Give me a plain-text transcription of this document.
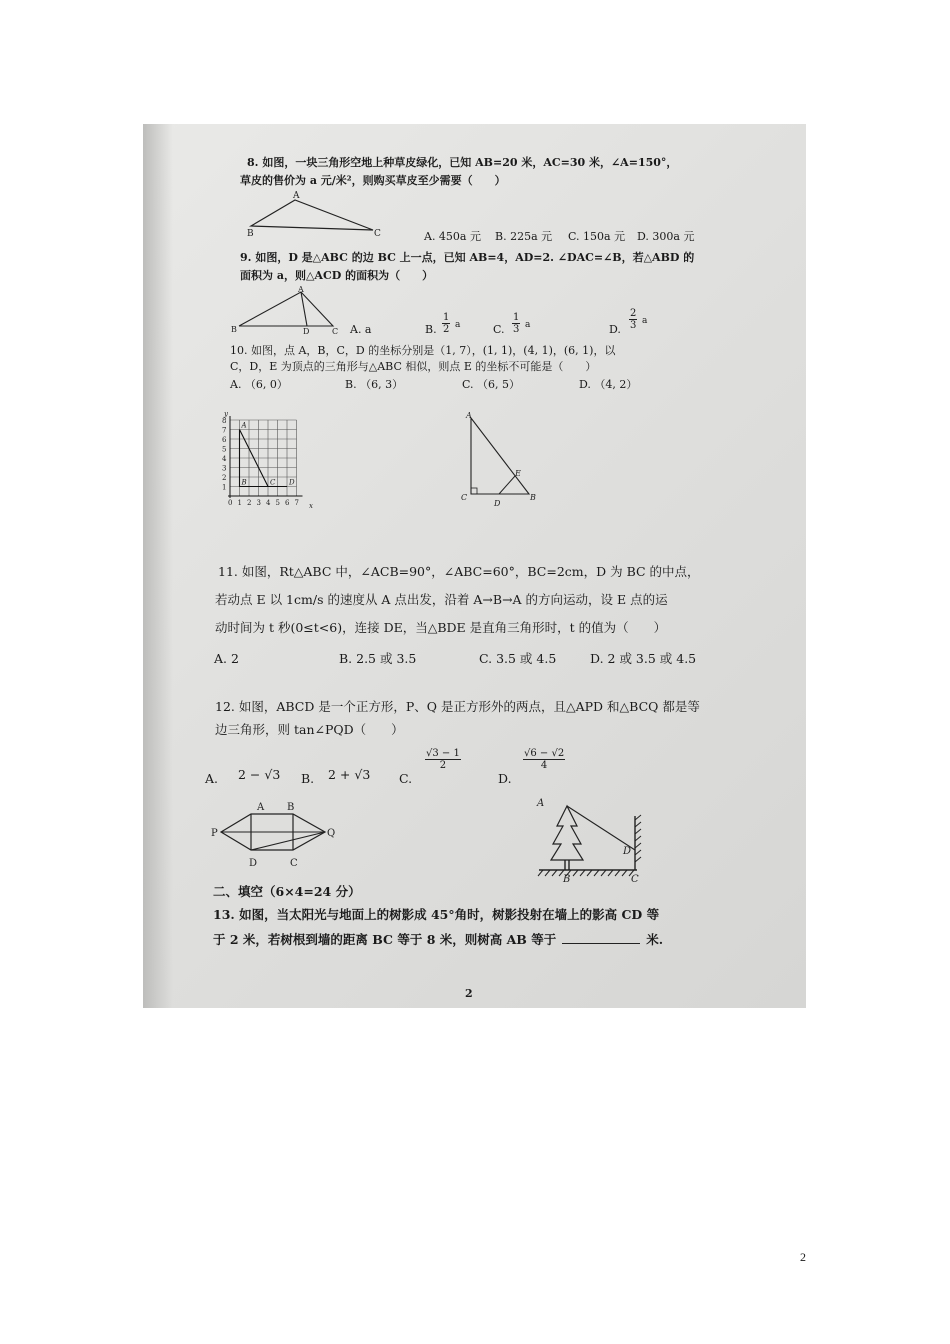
8. 如图，一块三角形空地上种草皮绿化，已知 AB=20 米，AC=30 米，∠A=150°，
草皮的售价为 a 元/米²，则购买草皮至少需要（　　）
A
B	C	A. 450a 元 B. 225a 元 C. 150a 元 D. 300a 元
9. 如图，D 是△ABC 的边 BC 上一点，已知 AB=4，AD=2. ∠DAC=∠B，若△ABD 的
面积为 a，则△ACD 的面积为（　　）
A
B	D	C A. a	B. $\frac{1}{2}$ a	C. $\frac{1}{3}$ a	D. $\frac{2}{3}$ a
10. 如图，点 A，B，C，D 的坐标分别是（1, 7），(1, 1)，(4, 1)，(6, 1)，以
C，D，E 为顶点的三角形与△ABC 相似，则点 E 的坐标不可能是（　　）
A. （6, 0）	B. （6, 3）	C. （6, 5）	D. （4, 2）
y
x
8
7
6
5
4
3
2
1
0 1 2 3 4 5 6 7
A
B	C D
A
E
C
D
B
11. 如图，Rt△ABC 中，∠ACB=90°，∠ABC=60°，BC=2cm，D 为 BC 的中点，
若动点 E 以 1cm/s 的速度从 A 点出发，沿着 A→B→A 的方向运动，设 E 点的运
动时间为 t 秒(0≤t<6)，连接 DE，当△BDE 是直角三角形时，t 的值为（　　）
A. 2	B. 2.5 或 3.5	C. 3.5 或 4.5	D. 2 或 3.5 或 4.5
12. 如图，ABCD 是一个正方形，P、Q 是正方形外的两点，且△APD 和△BCQ 都是等
边三角形，则 tan∠PQD（　　）
A. 2 − √3 B. 2 + √3 C.
$\frac{√3 - 1}{2}$
D.
$\frac{√6 - √2}{4}$
A B
P	Q
D	C
A
D
B	C
二、填空（6×4=24 分）
13. 如图，当太阳光与地面上的树影成 45°角时，树影投射在墙上的影高 CD 等
于 2 米，若树根到墙的距离 BC 等于 8 米，则树高 AB 等于	米.
2
2
